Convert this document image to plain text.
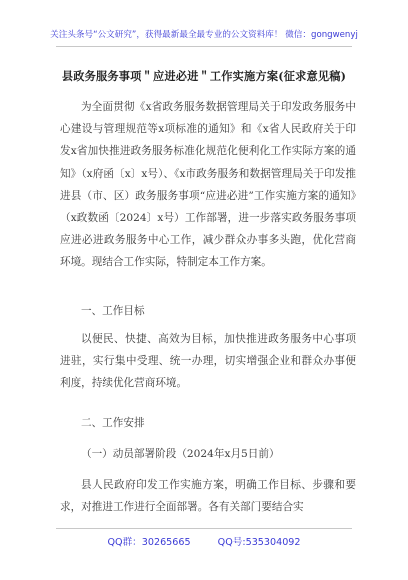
关注头条号“公文研究”，获得最新最全最专业的公文资料库！ 微信：gongwenyj
县政务服务事项＂应进必进＂工作实施方案(征求意见稿)

为全面贯彻《x省政务服务数据管理局关于印发政务服务中心建设与管理规范等x项标准的通知》和《x省人民政府关于印发x省加快推进政务服务标准化规范化便利化工作实际方案的通知》（x府函〔x〕x号）、《x市政务服务和数据管理局关于印发推进县（市、区）政务服务事项“应进必进”工作实施方案的通知》（x政数函〔2024〕x号）工作部署，进一步落实政务服务事项应进必进政务服务中心工作，减少群众办事多头跑，优化营商环境。现结合工作实际，特制定本工作方案。

一、工作目标

以便民、快捷、高效为目标，加快推进政务服务中心事项进驻，实行集中受理、统一办理，切实增强企业和群众办事便利度，持续优化营商环境。

二、工作安排

（一）动员部署阶段（2024年x月5日前）

县人民政府印发工作实施方案，明确工作目标、步骤和要求，对推进工作进行全面部署。各有关部门要结合实

QQ群：30265665	QQ号:535304092
